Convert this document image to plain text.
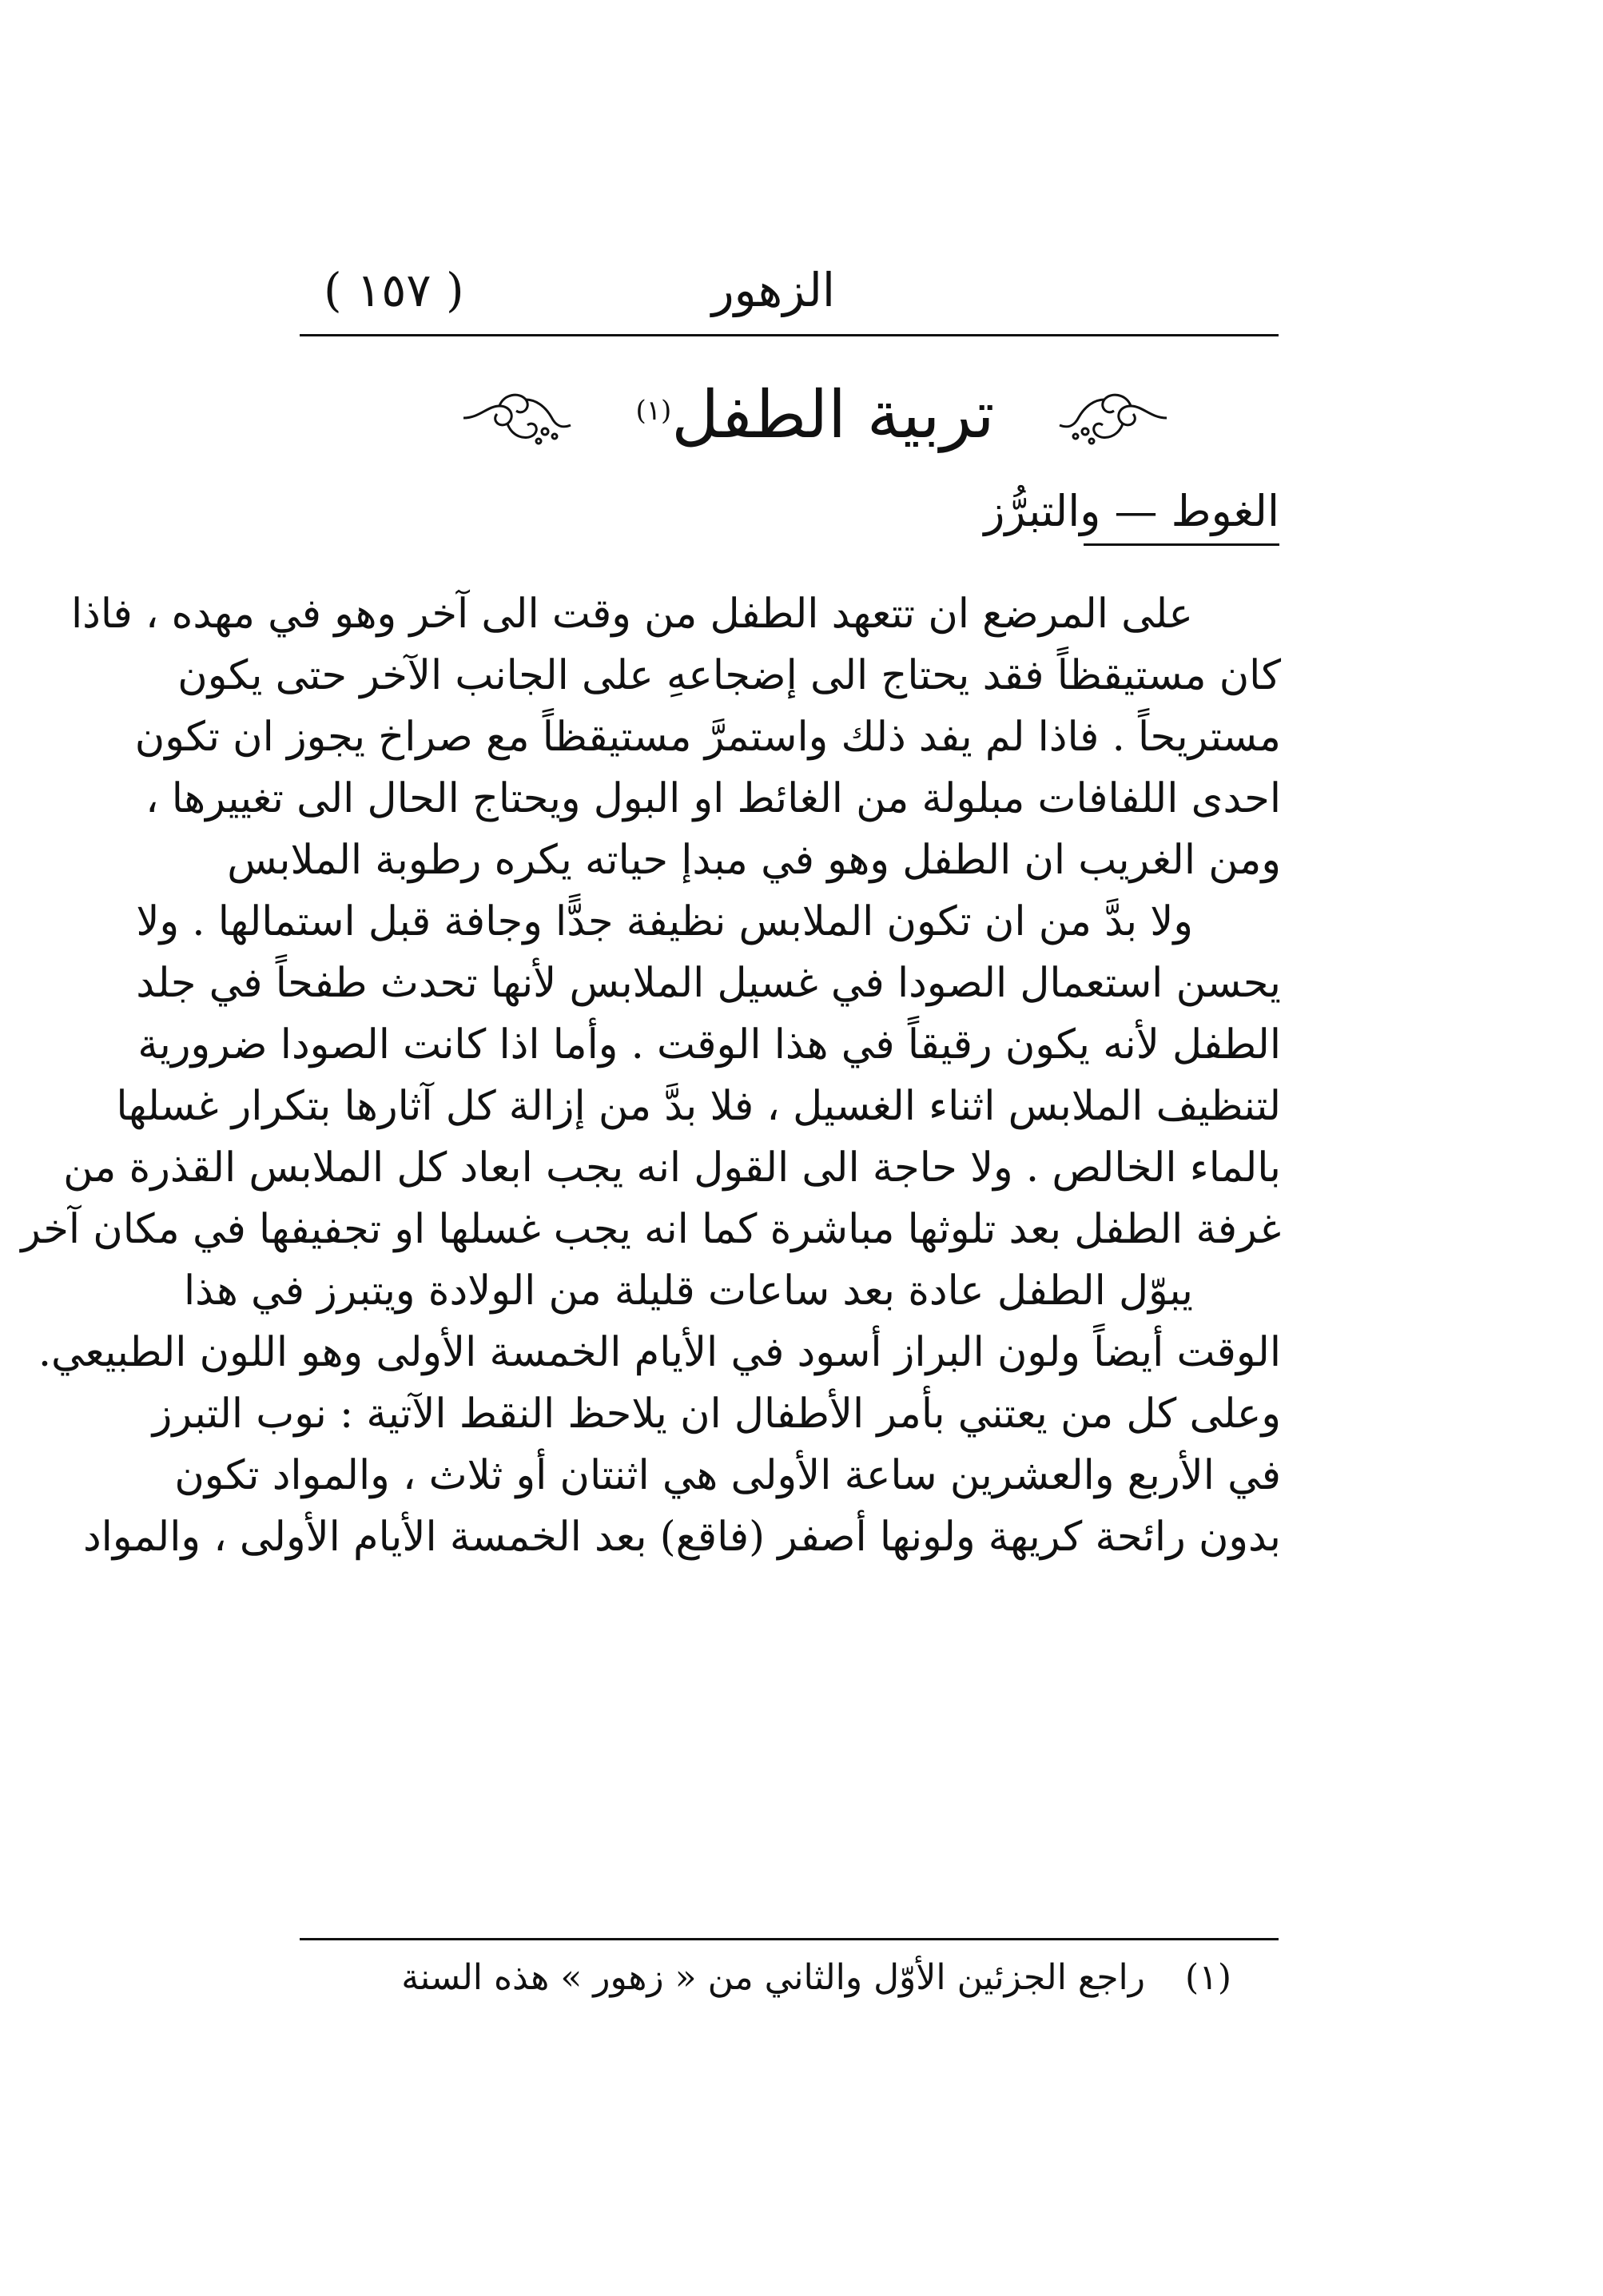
الزهور
( ١٥٧ )
تربية الطفل$^{(١)}$
الغوط — والتبرُّز
على المرضع ان تتعهد الطفل من وقت الى آخر وهو في مهده ، فاذا
كان مستيقظاً فقد يحتاج الى إضجاعهِ على الجانب الآخر حتى يكون
مستريحاً . فاذا لم يفد ذلك واستمرَّ مستيقظاً مع صراخ يجوز ان تكون
احدى اللفافات مبلولة من الغائط او البول ويحتاج الحال الى تغييرها ،
ومن الغريب ان الطفل وهو في مبدإ حياته يكره رطوبة الملابس
ولا بدَّ من ان تكون الملابس نظيفة جدًّا وجافة قبل استمالها . ولا
يحسن استعمال الصودا في غسيل الملابس لأنها تحدث طفحاً في جلد
الطفل لأنه يكون رقيقاً في هذا الوقت . وأما اذا كانت الصودا ضرورية
لتنظيف الملابس اثناء الغسيل ، فلا بدَّ من إزالة كل آثارها بتكرار غسلها
بالماء الخالص . ولا حاجة الى القول انه يجب ابعاد كل الملابس القذرة من
غرفة الطفل بعد تلوثها مباشرة كما انه يجب غسلها او تجفيفها في مكان آخر
يبوّل الطفل عادة بعد ساعات قليلة من الولادة ويتبرز في هذا
الوقت أيضاً ولون البراز أسود في الأيام الخمسة الأولى وهو اللون الطبيعي.
وعلى كل من يعتني بأمر الأطفال ان يلاحظ النقط الآتية : نوب التبرز
في الأربع والعشرين ساعة الأولى هي اثنتان أو ثلاث ، والمواد تكون
بدون رائحة كريهة ولونها أصفر (فاقع) بعد الخمسة الأيام الأولى ، والمواد
(١) راجع الجزئين الأوّل والثاني من « زهور » هذه السنة
